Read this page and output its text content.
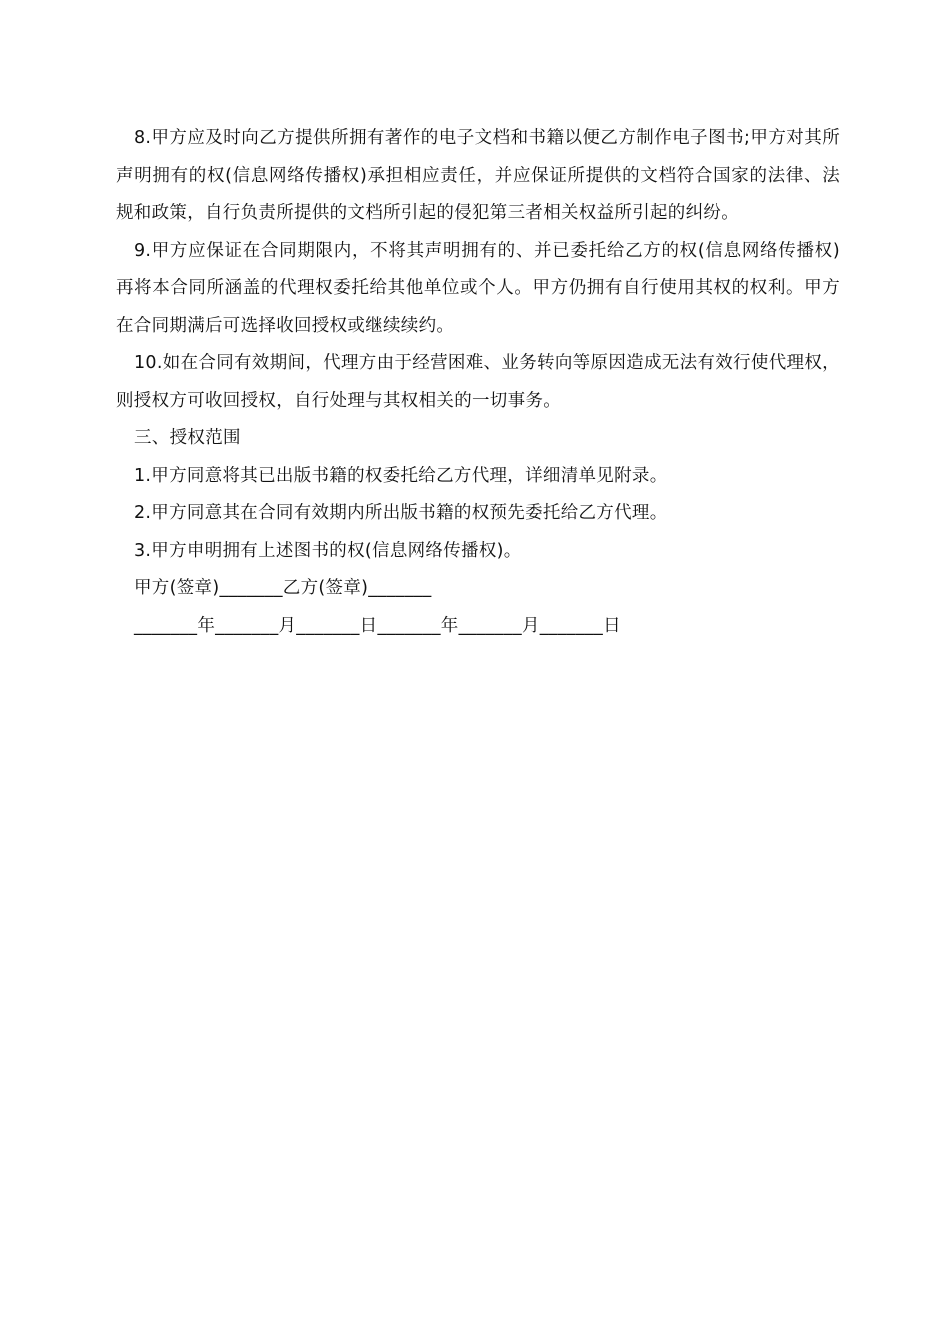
8.甲方应及时向乙方提供所拥有著作的电子文档和书籍以便乙方制作电子图书;甲方对其所声明拥有的权(信息网络传播权)承担相应责任，并应保证所提供的文档符合国家的法律、法规和政策，自行负责所提供的文档所引起的侵犯第三者相关权益所引起的纠纷。

9.甲方应保证在合同期限内，不将其声明拥有的、并已委托给乙方的权(信息网络传播权)再将本合同所涵盖的代理权委托给其他单位或个人。甲方仍拥有自行使用其权的权利。甲方在合同期满后可选择收回授权或继续续约。

10.如在合同有效期间，代理方由于经营困难、业务转向等原因造成无法有效行使代理权，则授权方可收回授权，自行处理与其权相关的一切事务。

三、授权范围

1.甲方同意将其已出版书籍的权委托给乙方代理，详细清单见附录。

2.甲方同意其在合同有效期内所出版书籍的权预先委托给乙方代理。

3.甲方申明拥有上述图书的权(信息网络传播权)。

甲方(签章)_______乙方(签章)_______

_______年_______月_______日_______年_______月_______日
